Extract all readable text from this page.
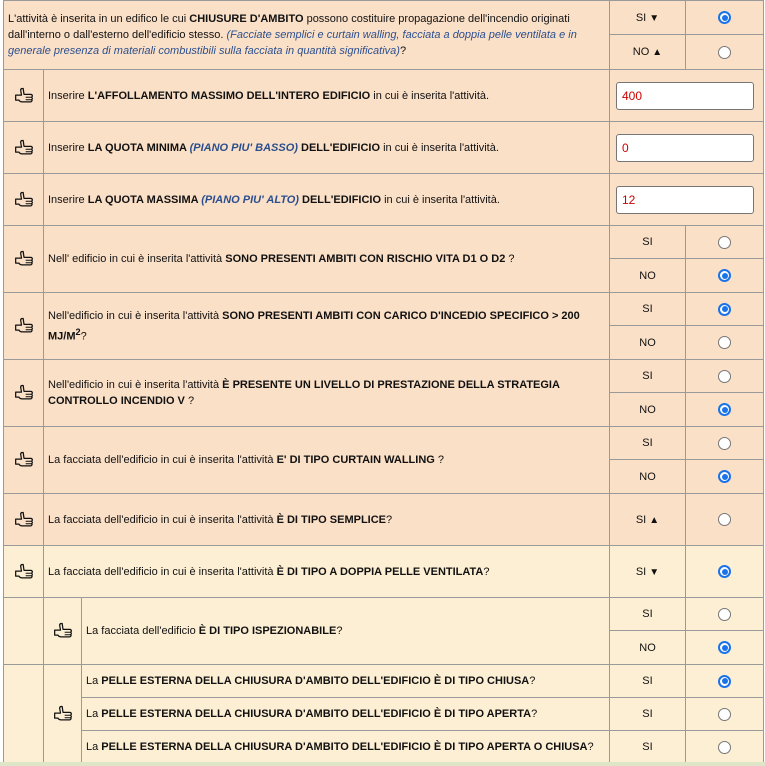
L'attività è inserita in un edifico le cui CHIUSURE D'AMBITO possono costituire propagazione dell'incendio originati dall'interno o dall'esterno dell'edificio stesso. (Facciate semplici e curtain walling, facciata a doppia pelle ventilata e in generale presenza di materiali combustibili sulla facciata in quantità significativa)?			SI ▼	
			NO ▲	
	Inserire L'AFFOLLAMENTO MASSIMO DELL'INTERO EDIFICIO in cui è inserita l'attività.		400	

	Inserire LA QUOTA MINIMA (PIANO PIU' BASSO) DELL'EDIFICIO in cui è inserita l'attività.		0	

	Inserire LA QUOTA MASSIMA (PIANO PIU' ALTO) DELL'EDIFICIO in cui è inserita l'attività.		12	

	Nell' edificio in cui è inserita l'attività SONO PRESENTI AMBITI CON RISCHIO VITA D1 O D2 ?		SI	
			NO	
	Nell'edificio in cui è inserita l'attività SONO PRESENTI AMBITI CON CARICO D'INCEDIO SPECIFICO > 200 $MJ/M^2$?		SI	
			NO	
	Nell'edificio in cui è inserita l'attività È PRESENTE UN LIVELLO DI PRESTAZIONE DELLA STRATEGIA CONTROLLO INCENDIO V ?		SI	
			NO	
	La facciata dell'edificio in cui è inserita l'attività E' DI TIPO CURTAIN WALLING ?		SI	
			NO	
	La facciata dell'edificio in cui è inserita l'attività È DI TIPO SEMPLICE?		SI ▲	
	La facciata dell'edificio in cui è inserita l'attività È DI TIPO A DOPPIA PELLE VENTILATA?		SI ▼	
		La facciata dell'edificio È DI TIPO ISPEZIONABILE?	SI	
			NO	
		La PELLE ESTERNA DELLA CHIUSURA D'AMBITO DELL'EDIFICIO È DI TIPO CHIUSA?	SI	
		La PELLE ESTERNA DELLA CHIUSURA D'AMBITO DELL'EDIFICIO È DI TIPO APERTA?	SI	
		La PELLE ESTERNA DELLA CHIUSURA D'AMBITO DELL'EDIFICIO È DI TIPO APERTA O CHIUSA?	SI	
